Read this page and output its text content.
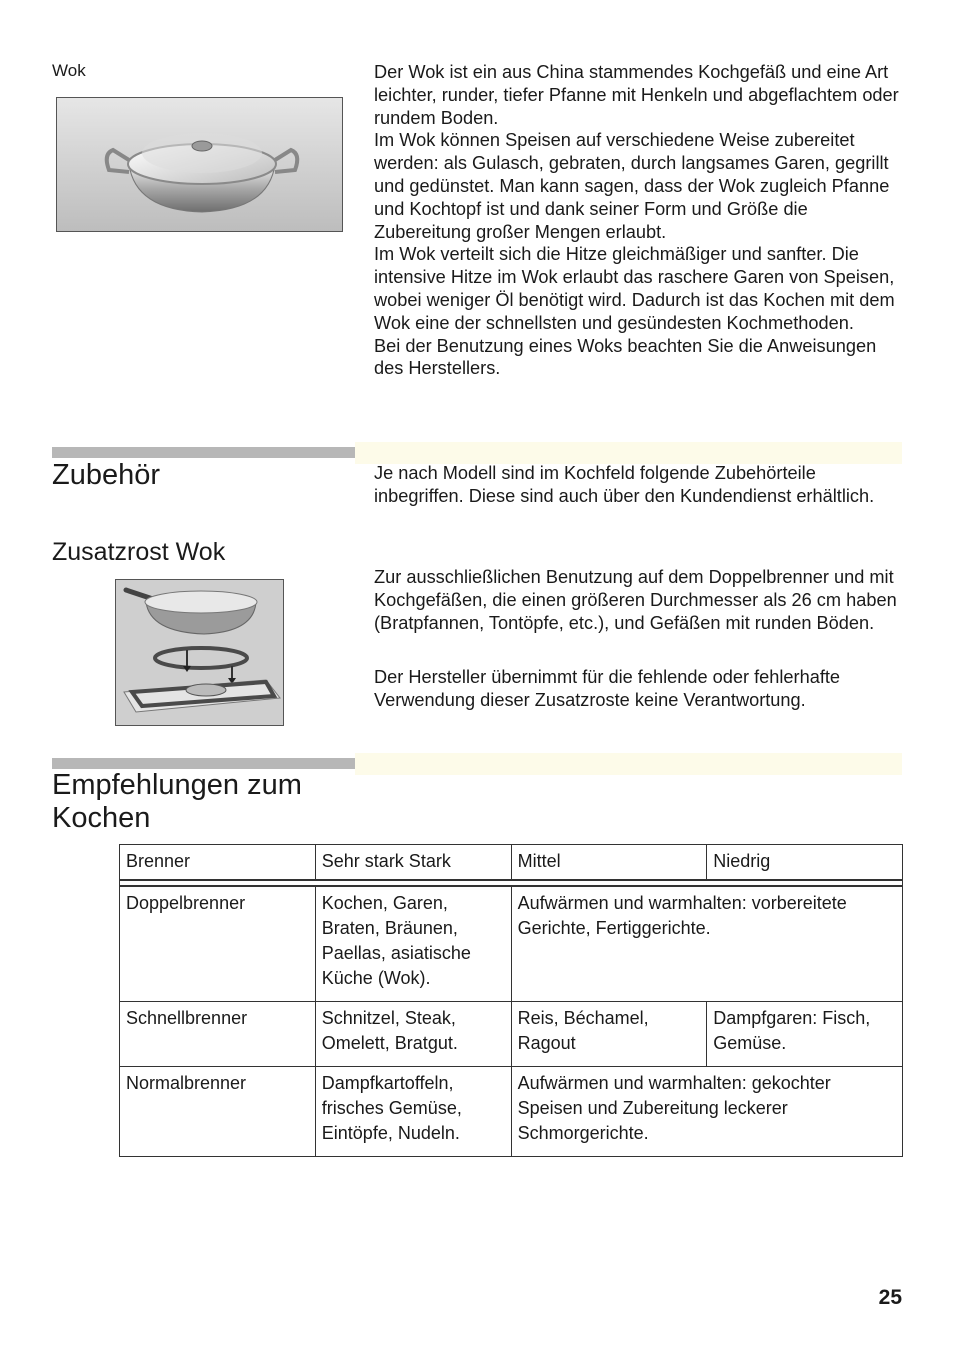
Wok	Der Wok ist ein aus China stammendes Kochgefäß und eine Art leichter, runder, tiefer Pfanne mit Henkeln und abgeflachtem oder rundem Boden.

Im Wok können Speisen auf verschiedene Weise zubereitet werden: als Gulasch, gebraten, durch langsames Garen, gegrillt und gedünstet. Man kann sagen, dass der Wok zugleich Pfanne und Kochtopf ist und dank seiner Form und Größe die Zubereitung großer Mengen erlaubt.

Im Wok verteilt sich die Hitze gleichmäßiger und sanfter. Die intensive Hitze im Wok erlaubt das raschere Garen von Speisen, wobei weniger Öl benötigt wird. Dadurch ist das Kochen mit dem Wok eine der schnellsten und gesündesten Kochmethoden.

Bei der Benutzung eines Woks beachten Sie die Anweisungen des Herstellers.

Zubehör	Je nach Modell sind im Kochfeld folgende Zubehörteile inbegriffen. Diese sind auch über den Kundendienst erhältlich.
Zusatzrost Wok
Zur ausschließlichen Benutzung auf dem Doppelbrenner und mit Kochgefäßen, die einen größeren Durchmesser als 26 cm haben (Bratpfannen, Tontöpfe, etc.), und Gefäßen mit runden Böden.
Der Hersteller übernimmt für die fehlende oder fehlerhafte Verwendung dieser Zusatzroste keine Verantwortung.
Empfehlungen zum Kochen
Brenner	Sehr stark Stark	Mittel	Niedrig

Doppelbrenner	Kochen, Garen, Braten, Bräunen, Paellas, asiatische Küche (Wok).	Aufwärmen und warmhalten: vorbereitete Gerichte, Fertiggerichte.	
Schnellbrenner	Schnitzel, Steak, Omelett, Bratgut.	Reis, Béchamel, Ragout	Dampfgaren: Fisch, Gemüse.
Normalbrenner	Dampfkartoffeln, frisches Gemüse, Eintöpfe, Nudeln.	Aufwärmen und warmhalten: gekochter Speisen und Zubereitung leckerer Schmorgerichte.	
25
